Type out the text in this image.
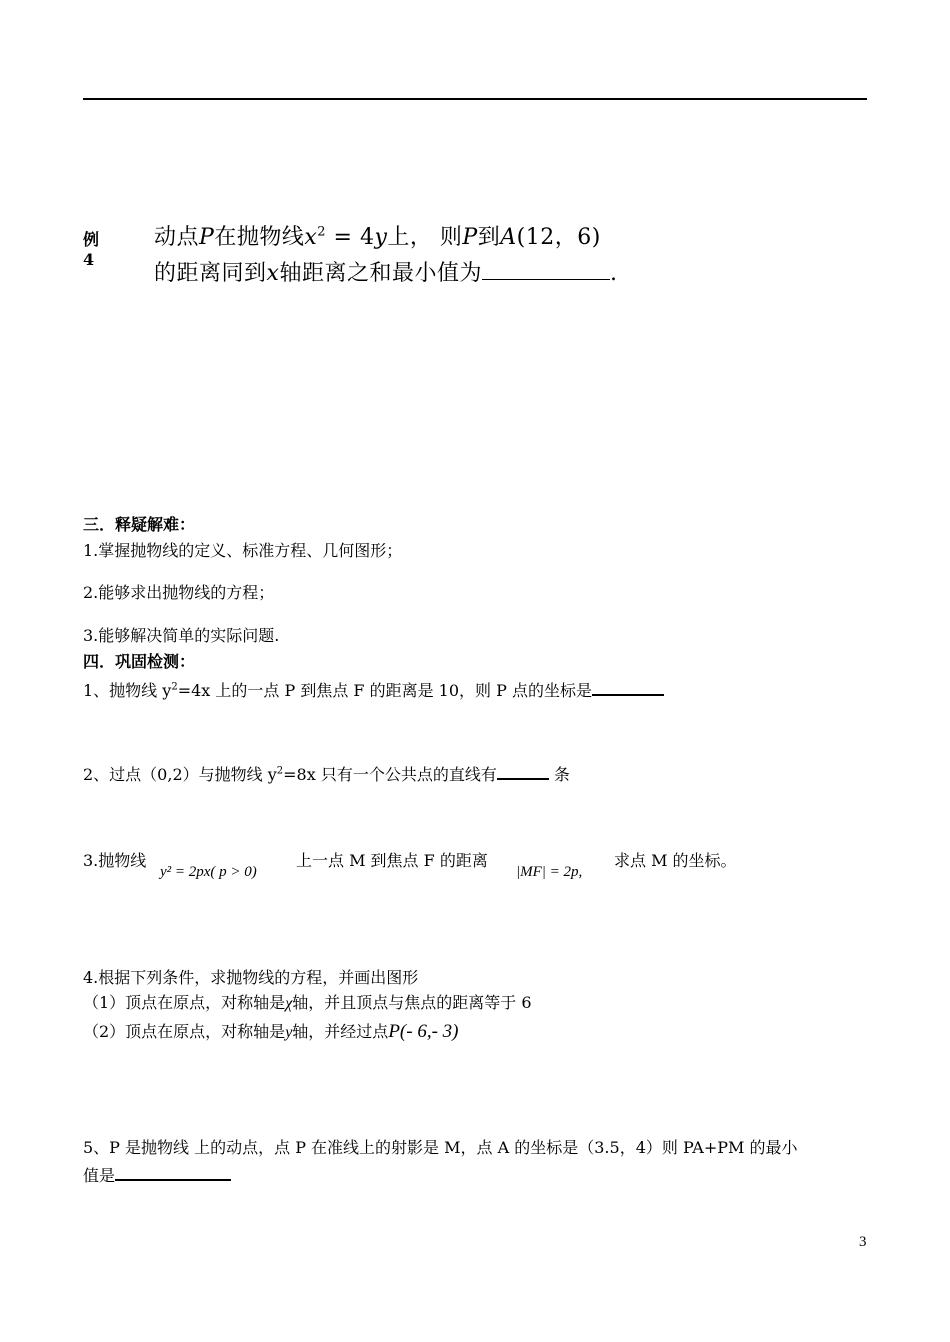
例 4
动点P在抛物线$x^2 = 4y$上， 则P到A(12，6)
的距离同到x轴距离之和最小值为	.
三．释疑解难：
1.掌握抛物线的定义、标准方程、几何图形；
2.能够求出抛物线的方程；
3.能够解决简单的实际问题.
四．巩固检测：
1、抛物线 $y^2=4x$ 上的一点 P 到焦点 F 的距离是 10，则 P 点的坐标是
2、过点（0,2）与抛物线 $y^2=8x$ 只有一个公共点的直线有	条
3.抛物线
y² = 2px( p > 0)
上一点 M 到焦点 F 的距离
|MF| = 2p,
求点 M 的坐标。
4.根据下列条件，求抛物线的方程，并画出图形
（1）顶点在原点，对称轴是χ轴，并且顶点与焦点的距离等于 6
（2）顶点在原点，对称轴是y轴，并经过点P(- 6,- 3)
5、P 是抛物线 上的动点，点 P 在准线上的射影是 M，点 A 的坐标是（3.5，4）则 PA+PM 的最小
值是
3
